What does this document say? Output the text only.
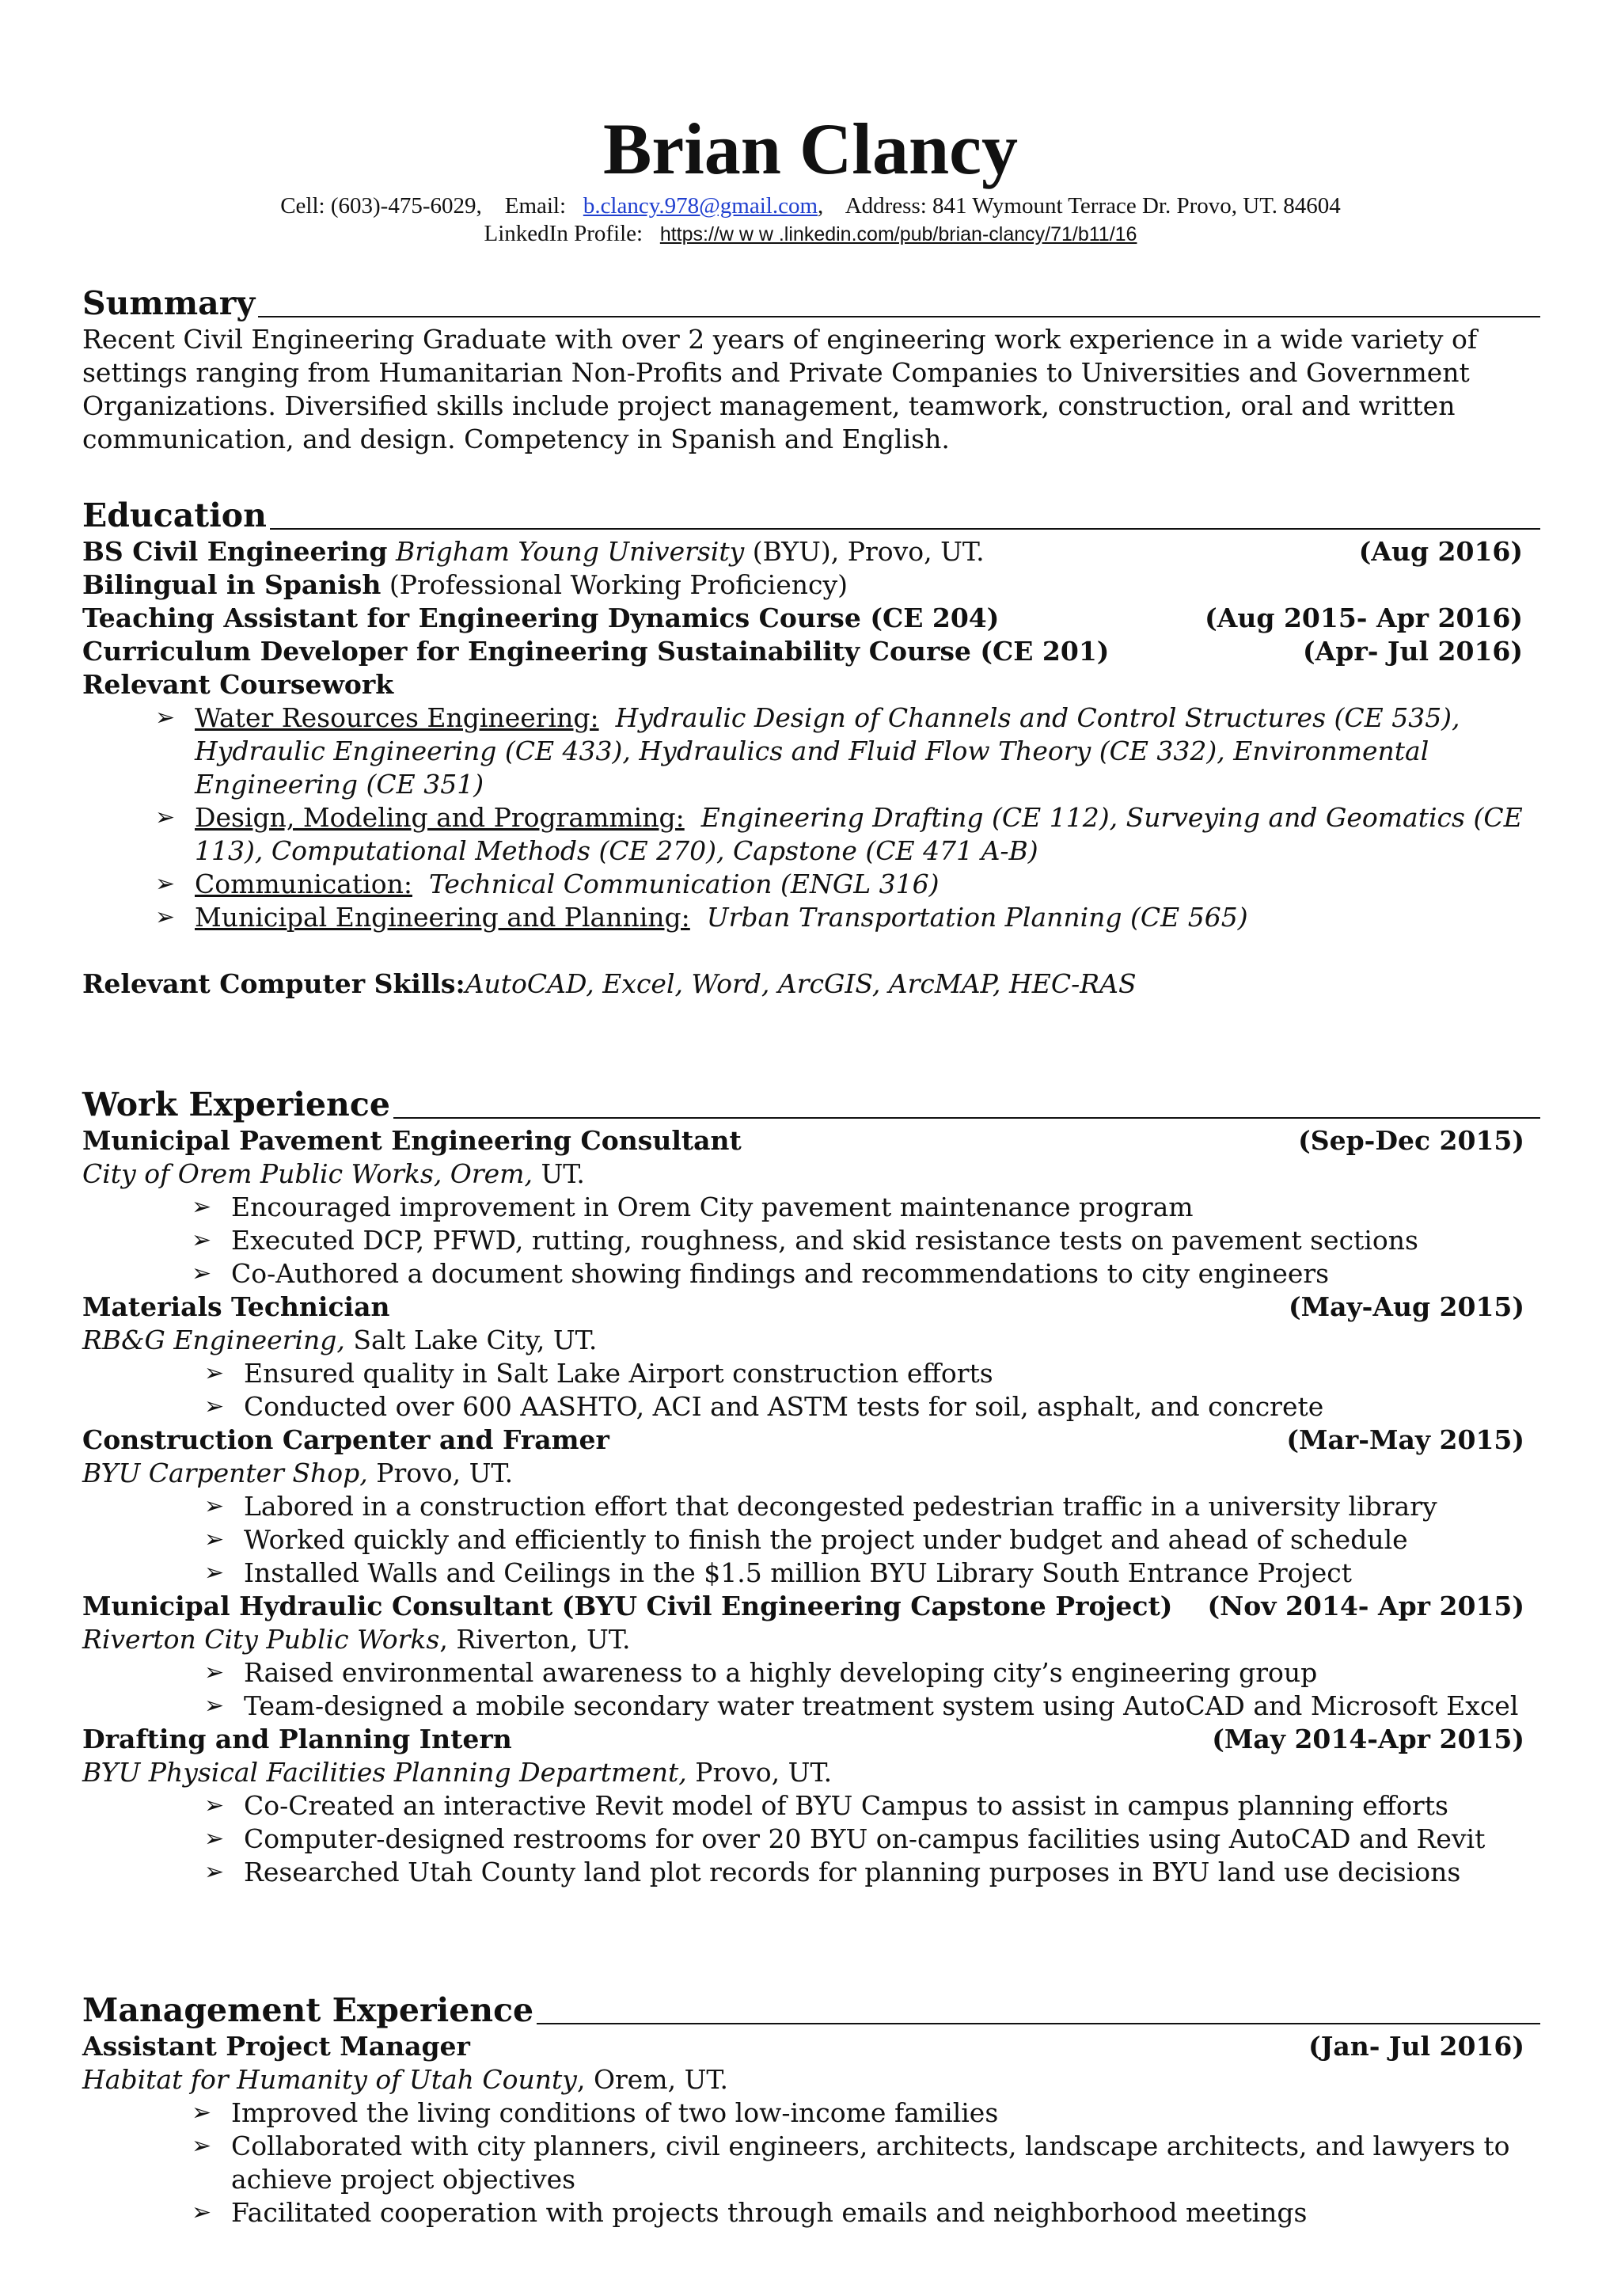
Brian Clancy
Cell: (603)-475-6029, Email: b.clancy.978@gmail.com, Address: 841 Wymount Terrace Dr. Provo, UT. 84604
LinkedIn Profile: https://w w w .linkedin.com/pub/brian-clancy/71/b11/16
Summary
Recent Civil Engineering Graduate with over 2 years of engineering work experience in a wide variety of
settings ranging from Humanitarian Non-Profits and Private Companies to Universities and Government
Organizations. Diversified skills include project management, teamwork, construction, oral and written
communication, and design. Competency in Spanish and English.
Education
BS Civil Engineering Brigham Young University (BYU), Provo, UT.	(Aug 2016)
Bilingual in Spanish (Professional Working Proficiency)
Teaching Assistant for Engineering Dynamics Course (CE 204)	(Aug 2015- Apr 2016)
Curriculum Developer for Engineering Sustainability Course (CE 201)	(Apr- Jul 2016)
Relevant Coursework
➢ Water Resources Engineering: Hydraulic Design of Channels and Control Structures (CE 535),
Hydraulic Engineering (CE 433), Hydraulics and Fluid Flow Theory (CE 332), Environmental
Engineering (CE 351)
➢ Design, Modeling and Programming: Engineering Drafting (CE 112), Surveying and Geomatics (CE
113), Computational Methods (CE 270), Capstone (CE 471 A-B)
➢ Communication: Technical Communication (ENGL 316)
➢ Municipal Engineering and Planning: Urban Transportation Planning (CE 565)
Relevant Computer Skills:AutoCAD, Excel, Word, ArcGIS, ArcMAP, HEC-RAS
Work Experience
Municipal Pavement Engineering Consultant	(Sep-Dec 2015)
City of Orem Public Works, Orem, UT.
➢ Encouraged improvement in Orem City pavement maintenance program
➢ Executed DCP, PFWD, rutting, roughness, and skid resistance tests on pavement sections
➢ Co-Authored a document showing findings and recommendations to city engineers
Materials Technician	(May-Aug 2015)
RB&G Engineering, Salt Lake City, UT.
➢ Ensured quality in Salt Lake Airport construction efforts
➢ Conducted over 600 AASHTO, ACI and ASTM tests for soil, asphalt, and concrete
Construction Carpenter and Framer	(Mar-May 2015)
BYU Carpenter Shop, Provo, UT.
➢ Labored in a construction effort that decongested pedestrian traffic in a university library
➢ Worked quickly and efficiently to finish the project under budget and ahead of schedule
➢ Installed Walls and Ceilings in the $1.5 million BYU Library South Entrance Project
Municipal Hydraulic Consultant (BYU Civil Engineering Capstone Project) (Nov 2014- Apr 2015)
Riverton City Public Works, Riverton, UT.
➢ Raised environmental awareness to a highly developing city’s engineering group
➢ Team-designed a mobile secondary water treatment system using AutoCAD and Microsoft Excel
Drafting and Planning Intern	(May 2014-Apr 2015)
BYU Physical Facilities Planning Department, Provo, UT.
➢ Co-Created an interactive Revit model of BYU Campus to assist in campus planning efforts
➢ Computer-designed restrooms for over 20 BYU on-campus facilities using AutoCAD and Revit
➢ Researched Utah County land plot records for planning purposes in BYU land use decisions
Management Experience
Assistant Project Manager	(Jan- Jul 2016)
Habitat for Humanity of Utah County, Orem, UT.
➢ Improved the living conditions of two low-income families
➢ Collaborated with city planners, civil engineers, architects, landscape architects, and lawyers to
achieve project objectives
➢ Facilitated cooperation with projects through emails and neighborhood meetings
